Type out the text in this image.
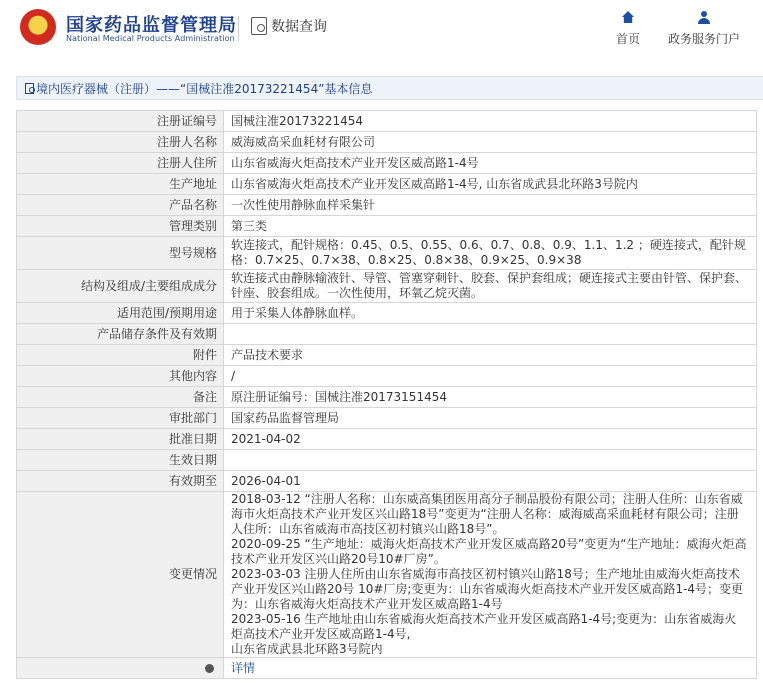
国家药品监督管理局
National Medical Products Administration
数据查询
首页 政务服务门户
境内医疗器械（注册）——“国械注准20173221454”基本信息
注册证编号	国械注准20173221454
注册人名称	威海威高采血耗材有限公司
注册人住所	山东省威海火炬高技术产业开发区威高路1-4号
生产地址	山东省威海火炬高技术产业开发区威高路1-4号, 山东省成武县北环路3号院内
产品名称	一次性使用静脉血样采集针
管理类别	第三类
型号规格	软连接式，配针规格：0.45、0.5、0.55、0.6、0.7、0.8、0.9、1.1、1.2 ；硬连接式，配针规格：0.7×25、0.7×38、0.8×25、0.8×38、0.9×25、0.9×38
结构及组成/主要组成成分	软连接式由静脉输液针、导管、管塞穿刺针、胶套、保护套组成；硬连接式主要由针管、保护套、针座、胶套组成。一次性使用，环氧乙烷灭菌。
适用范围/预期用途	用于采集人体静脉血样。
产品储存条件及有效期	
附件	产品技术要求
其他内容	/
备注	原注册证编号：国械注准20173151454
审批部门	国家药品监督管理局
批准日期	2021-04-02
生效日期	
有效期至	2026-04-01
变更情况	2018-03-12 “注册人名称：山东威高集团医用高分子制品股份有限公司；注册人住所：山东省威海市火炬高技术产业开发区兴山路18号”变更为“注册人名称：威海威高采血耗材有限公司；注册人住所：山东省威海市高技区初村镇兴山路18号”。
2020-09-25 “生产地址：威海火炬高技术产业开发区威高路20号”变更为“生产地址：威海火炬高技术产业开发区兴山路20号10#厂房”。
2023-03-03 注册人住所由山东省威海市高技区初村镇兴山路18号；生产地址由威海火炬高技术产业开发区兴山路20号 10#厂房;变更为：山东省威海火炬高技术产业开发区威高路1-4号；变更为：山东省威海火炬高技术产业开发区威高路1-4号
2023-05-16 生产地址由山东省威海火炬高技术产业开发区威高路1-4号;变更为：山东省威海火炬高技术产业开发区威高路1-4号,
山东省成武县北环路3号院内

	详情
